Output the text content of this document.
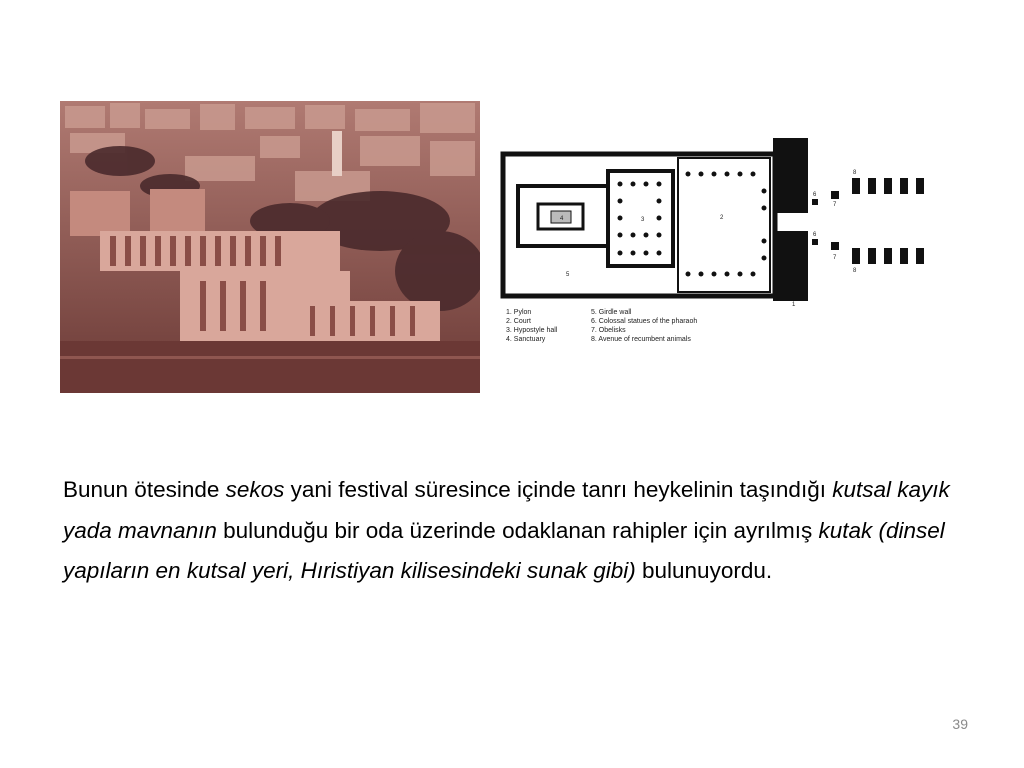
1
2
3
4
5
6
6
7
7
8
8
1. Pylon
2. Court
3. Hypostyle hall
4. Sanctuary
5. Girdle wall
6. Colossal statues of the pharaoh
7. Obelisks
8. Avenue of recumbent animals
Bunun ötesinde sekos yani festival süresince içinde tanrı heykelinin taşındığı kutsal kayık yada mavnanın bulunduğu bir oda üzerinde odaklanan rahipler için ayrılmış kutak (dinsel yapıların en kutsal yeri, Hıristiyan kilisesindeki sunak gibi) bulunuyordu.
39
